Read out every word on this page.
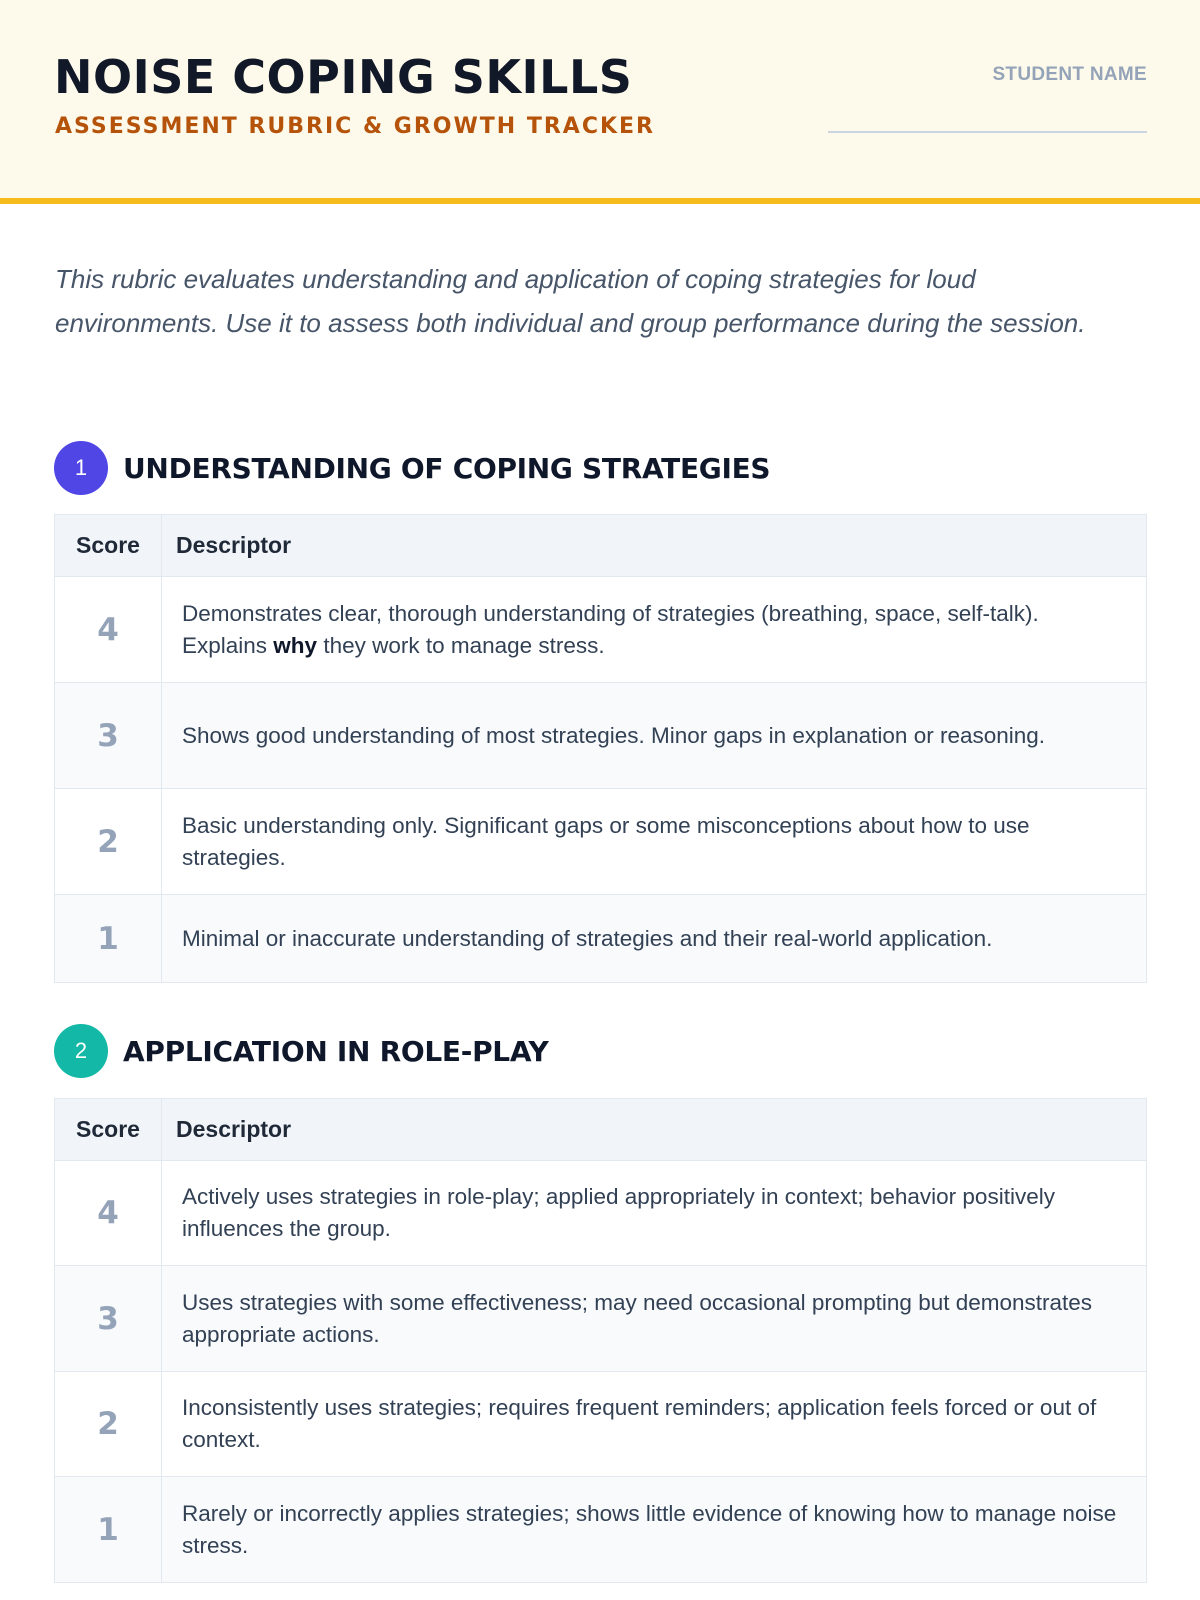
NOISE COPING SKILLS
ASSESSMENT RUBRIC & GROWTH TRACKER
STUDENT NAME

This rubric evaluates understanding and application of coping strategies for loud environments. Use it to assess both individual and group performance during the session.

1	UNDERSTANDING OF COPING STRATEGIES
Score	Descriptor
4	Demonstrates clear, thorough understanding of strategies (breathing, space, self-talk). Explains why they work to manage stress.
3	Shows good understanding of most strategies. Minor gaps in explanation or reasoning.
2	Basic understanding only. Significant gaps or some misconceptions about how to use strategies.
1	Minimal or inaccurate understanding of strategies and their real-world application.
2	APPLICATION IN ROLE-PLAY
Score	Descriptor
4	Actively uses strategies in role-play; applied appropriately in context; behavior positively influences the group.
3	Uses strategies with some effectiveness; may need occasional prompting but demonstrates appropriate actions.
2	Inconsistently uses strategies; requires frequent reminders; application feels forced or out of context.
1	Rarely or incorrectly applies strategies; shows little evidence of knowing how to manage noise stress.
